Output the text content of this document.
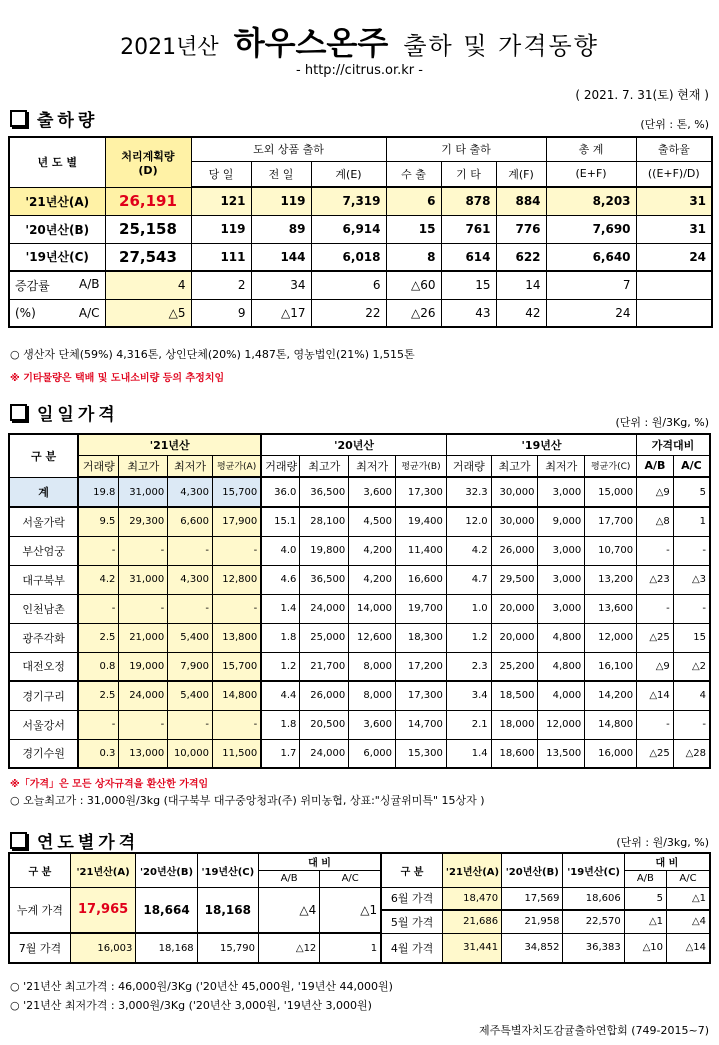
2021년산 하우스온주 출하 및 가격동향
- http://citrus.or.kr -
( 2021. 7. 31(토) 현재 )
출하량	(단위 : 톤, %)
년 도 별	처리계획량
(D)	도외 상품 출하			기 타 출하			총 계	출하율
		당 일	전 일	계(E)	수 출	기 타	계(F)	(E+F)	((E+F)/D)
'21년산(A)	26,191	121	119	7,319	6	878	884	8,203	31
'20년산(B)	25,158	119	89	6,914	15	761	776	7,690	31
'19년산(C)	27,543	111	144	6,018	8	614	622	6,640	24

증감률 A/B	4	2	34	6	△60	15	14	7	

(%) A/C	△5	9	△17	22	△26	43	42	24	
○ 생산자 단체(59%) 4,316톤, 상인단체(20%) 1,487톤, 영농법인(21%) 1,515톤
※ 기타물량은 택배 및 도내소비량 등의 추정치임
일일가격	(단위 : 원/3Kg, %)
구 분	'21년산				'20년산				'19년산				가격대비	
	거래량	최고가	최저가	평균가(A)	거래량	최고가	최저가	평균가(B)	거래량	최고가	최저가	평균가(C)	A/B	A/C
계	19.8	31,000	4,300	15,700	36.0	36,500	3,600	17,300	32.3	30,000	3,000	15,000	△9	5
서울가락	9.5	29,300	6,600	17,900	15.1	28,100	4,500	19,400	12.0	30,000	9,000	17,700	△8	1
부산엄궁	-	-	-	-	4.0	19,800	4,200	11,400	4.2	26,000	3,000	10,700	-	-
대구북부	4.2	31,000	4,300	12,800	4.6	36,500	4,200	16,600	4.7	29,500	3,000	13,200	△23	△3
인천남촌	-	-	-	-	1.4	24,000	14,000	19,700	1.0	20,000	3,000	13,600	-	-
광주각화	2.5	21,000	5,400	13,800	1.8	25,000	12,600	18,300	1.2	20,000	4,800	12,000	△25	15
대전오정	0.8	19,000	7,900	15,700	1.2	21,700	8,000	17,200	2.3	25,200	4,800	16,100	△9	△2
경기구리	2.5	24,000	5,400	14,800	4.4	26,000	8,000	17,300	3.4	18,500	4,000	14,200	△14	4
서울강서	-	-	-	-	1.8	20,500	3,600	14,700	2.1	18,000	12,000	14,800	-	-
경기수원	0.3	13,000	10,000	11,500	1.7	24,000	6,000	15,300	1.4	18,600	13,500	16,000	△25	△28
※「가격」은 모든 상자규격을 환산한 가격임
○ 오늘최고가 : 31,000원/3kg (대구북부 대구중앙청과(주) 위미농협, 상표:"싱귤위미특" 15상자 )
연도별가격	(단위 : 원/3kg, %)
구 분	'21년산(A)	'20년산(B)	'19년산(C)	대 비		구 분	'21년산(A)	'20년산(B)	'19년산(C)	대 비	
				A/B	A/C					A/B	A/C
누계 가격	17,965	18,664	18,168	△4	△1	6월 가격	18,470	17,569	18,606	5	△1
						5월 가격	21,686	21,958	22,570	△1	△4
7월 가격	16,003	18,168	15,790	△12	1	4월 가격	31,441	34,852	36,383	△10	△14
○ '21년산 최고가격 : 46,000원/3Kg ('20년산 45,000원, '19년산 44,000원)
○ '21년산 최저가격 : 3,000원/3Kg ('20년산 3,000원, '19년산 3,000원)
제주특별자치도감귤출하연합회 (749-2015~7)
